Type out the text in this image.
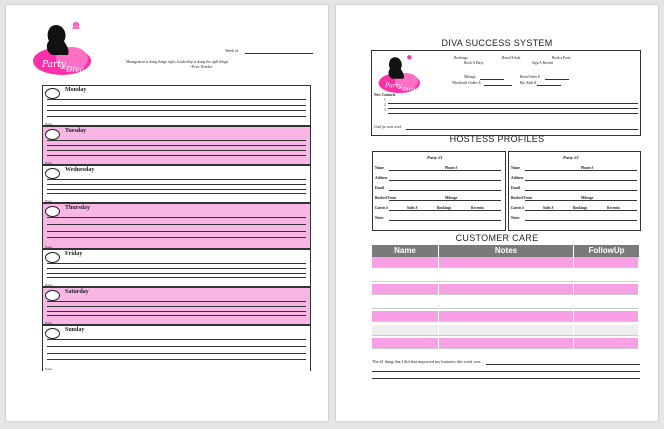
Party Diva
Week of
Management is doing things right, Leadership is doing the right things.
~Peter Drucker
Monday
Notes
Tuesday
Notes
Wednesday
Notes
Thursday
Notes
Friday
Notes
Saturday
Notes
Sunday
Notes
DIVA SUCCESS SYSTEM
Party
Diva
Bookings	Retail $ Sale	Book a Party
Book A Party	Sign A Recruit
Mileage	Retail Sales $
Wholesale Orders $	Bio Adds $
New Contacts
1
2
3
Goal for next week
HOSTESS PROFILES
Party #1
Name	Phone #
Address
Email
Booked From	Mileage
Guests #	Sales $	Bookings	Recruits
Notes
Party #2
Name	Phone #
Address
Email
Booked From	Mileage
Guests #	Sales $	Bookings	Recruits
Notes
CUSTOMER CARE
Name	Notes	FollowUp
The #1 thing that I did that improved my business this week was:
